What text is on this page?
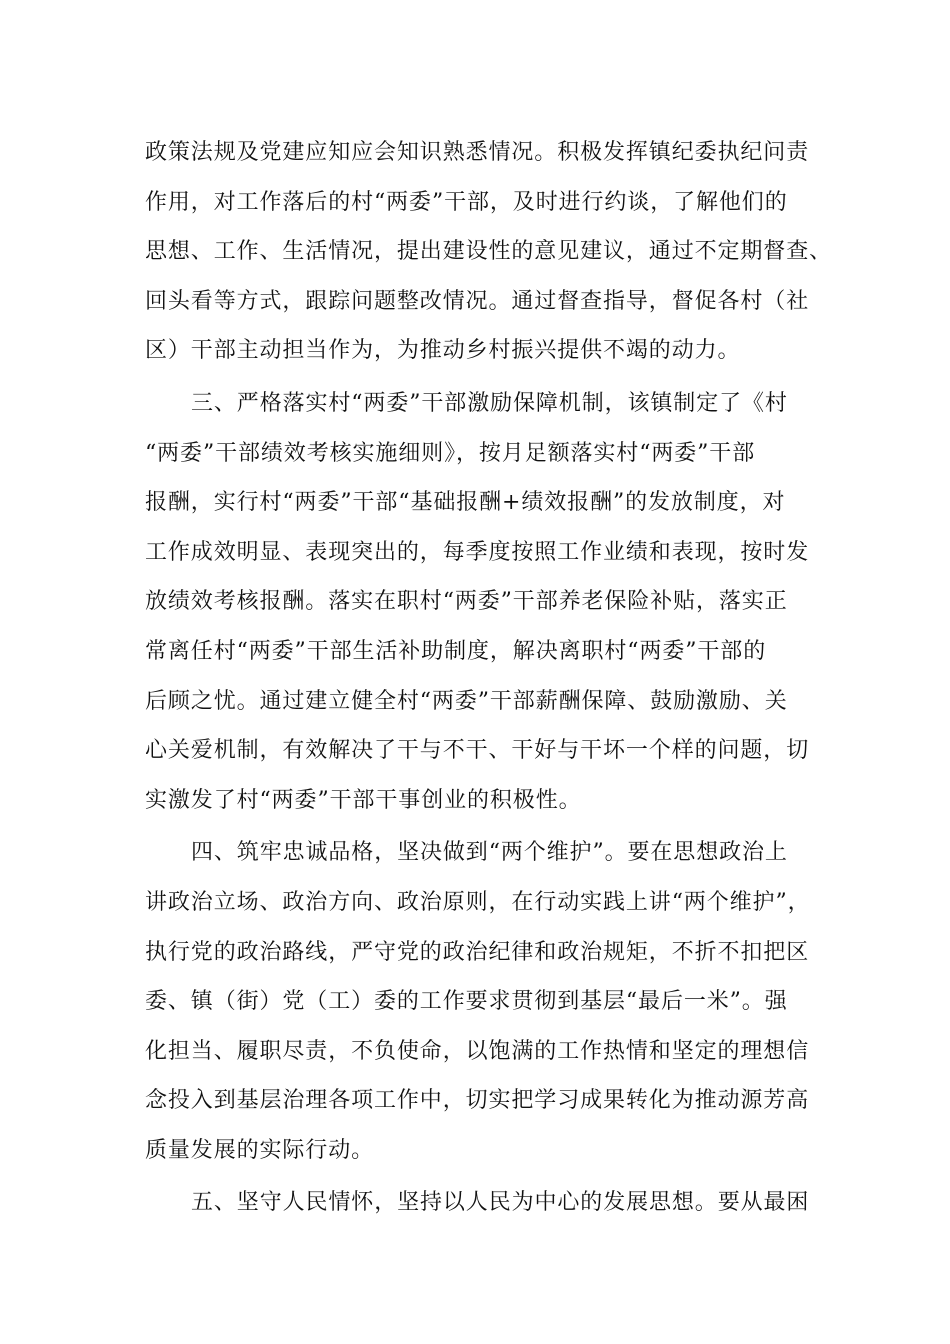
政策法规及党建应知应会知识熟悉情况。积极发挥镇纪委执纪问责
作用，对工作落后的村“两委”干部，及时进行约谈，了解他们的
思想、工作、生活情况，提出建设性的意见建议，通过不定期督查、
回头看等方式，跟踪问题整改情况。通过督查指导，督促各村（社
区）干部主动担当作为，为推动乡村振兴提供不竭的动力。
三、严格落实村“两委”干部激励保障机制，该镇制定了《村
“两委”干部绩效考核实施细则》，按月足额落实村“两委”干部
报酬，实行村“两委”干部“基础报酬+绩效报酬”的发放制度，对
工作成效明显、表现突出的，每季度按照工作业绩和表现，按时发
放绩效考核报酬。落实在职村“两委”干部养老保险补贴，落实正
常离任村“两委”干部生活补助制度，解决离职村“两委”干部的
后顾之忧。通过建立健全村“两委”干部薪酬保障、鼓励激励、关
心关爱机制，有效解决了干与不干、干好与干坏一个样的问题，切
实激发了村“两委”干部干事创业的积极性。
四、筑牢忠诚品格，坚决做到“两个维护”。要在思想政治上
讲政治立场、政治方向、政治原则，在行动实践上讲“两个维护”，
执行党的政治路线，严守党的政治纪律和政治规矩，不折不扣把区
委、镇（街）党（工）委的工作要求贯彻到基层“最后一米”。强
化担当、履职尽责，不负使命，以饱满的工作热情和坚定的理想信
念投入到基层治理各项工作中，切实把学习成果转化为推动源芳高
质量发展的实际行动。
五、坚守人民情怀，坚持以人民为中心的发展思想。要从最困
